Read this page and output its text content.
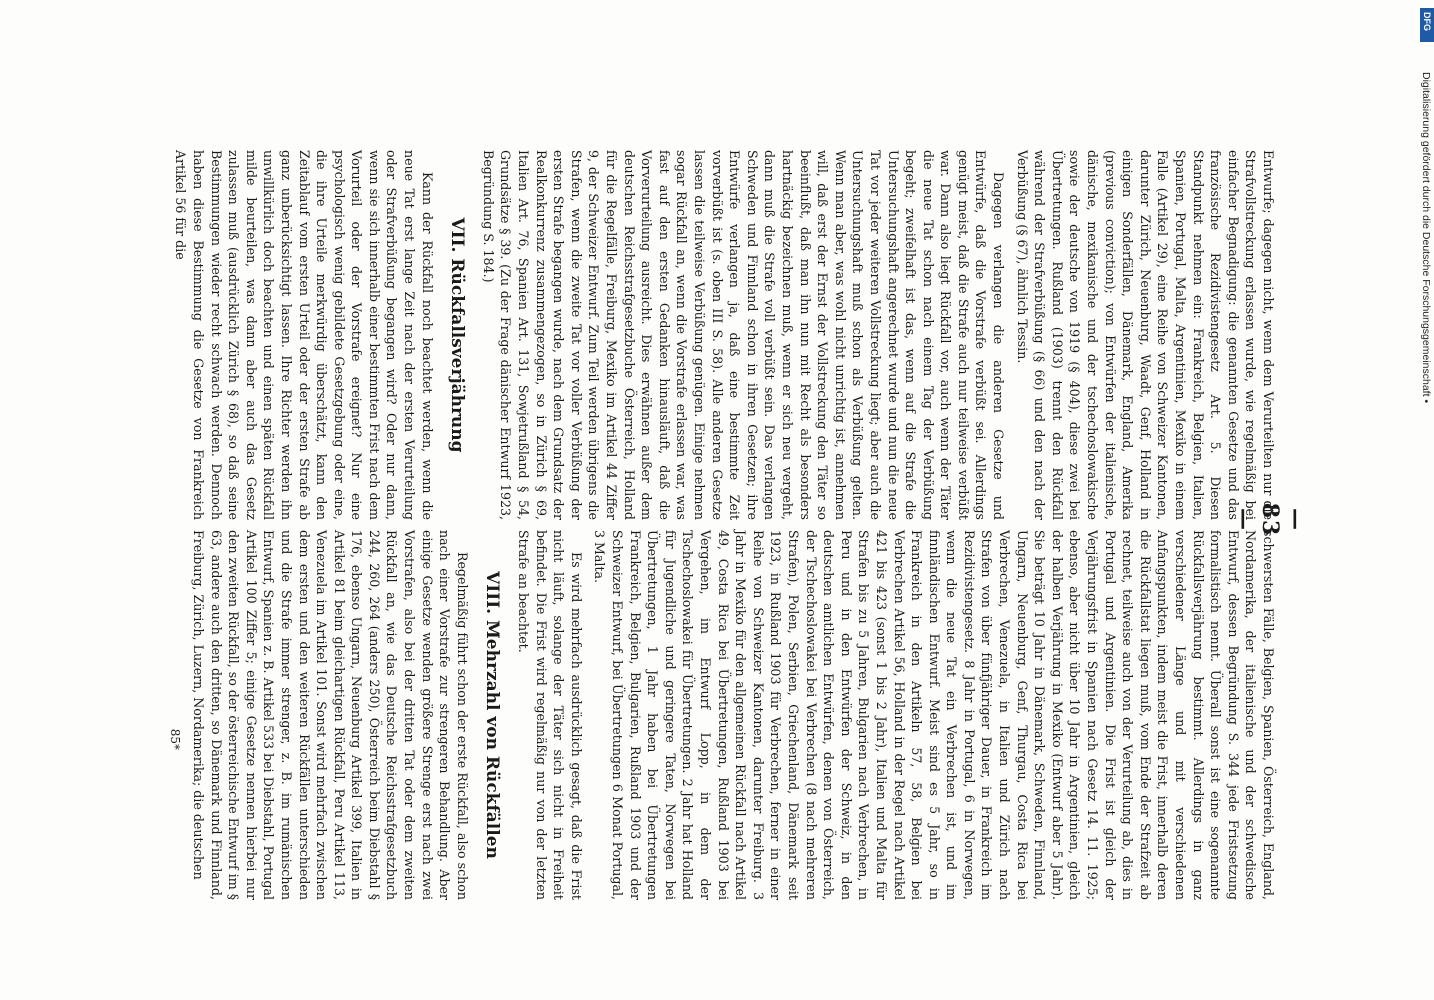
— 83 — Entwurfe; dagegen nicht, wenn dem Verurteilten nur die Strafvollstreckung erlassen wurde, wie regelmäßig bei einfacher Begnadigung: die genannten Gesetze und das französische Rezidivistengesetz Art. 5. Diesen Standpunkt nehmen ein: Frankreich, Belgien, Italien, Spanien, Portugal, Malta, Argentinien, Mexiko in einem Falle (Artikel 29), eine Reihe von Schweizer Kantonen, darunter Zürich, Neuenburg, Waadt, Genf, Holland in einigen Sonderfällen, Dänemark, England, Amerika (previous conviction); von Entwürfen der italienische, dänische, mexikanische und der tschechoslowakische sowie der deutsche von 1919 (§ 404), diese zwei bei Übertretungen. Rußland (1903) trennt den Rückfall während der Strafverbüßung (§ 66) und den nach der Verbüßung (§ 67), ähnlich Tessin.

Dagegen verlangen die anderen Gesetze und Entwürfe, daß die Vorstrafe verbüßt sei. Allerdings genügt meist, daß die Strafe auch nur teilweise verbüßt war. Dann also liegt Rückfall vor, auch wenn der Täter die neue Tat schon nach einem Tag der Verbüßung begeht; zweifelhaft ist das, wenn auf die Strafe die Untersuchungshaft angerechnet wurde und nun die neue Tat vor jeder weiteren Vollstreckung liegt; aber auch die Untersuchungshaft muß schon als Verbüßung gelten. Wenn man aber, was wohl nicht unrichtig ist, annehmen will, daß erst der Ernst der Vollstreckung den Täter so beeinflußt, daß man ihn nun mit Recht als besonders hartnäckig bezeichnen muß, wenn er sich neu vergeht, dann muß die Strafe voll verbüßt sein. Das verlangen Schweden und Finnland schon in ihren Gesetzen; ihre Entwürfe verlangen ja, daß eine bestimmte Zeit vorverbüßt ist (s. oben III S. 58). Alle anderen Gesetze lassen die teilweise Verbüßung genügen. Einige nehmen sogar Rückfall an, wenn die Vorstrafe erlassen war, was fast auf den ersten Gedanken hinausläuft, daß die Vorverurteilung ausreicht. Dies erwähnen außer dem deutschen Reichsstrafgesetzbuche Österreich, Holland für die Regelfälle, Freiburg, Mexiko im Artikel 44 Ziffer 9, der Schweizer Entwurf. Zum Teil werden übrigens die Strafen, wenn die zweite Tat vor voller Verbüßung der ersten Strafe begangen wurde, nach dem Grundsatz der Realkonkurrenz zusammengezogen, so in Zürich § 69, Italien Art. 76, Spanien Art. 131, Sowjetrußland § 54, Grundsätze § 39. (Zu der Frage dänischer Entwurf 1923, Begründung S. 184.)

VII. Rückfallsverjährung

Kann der Rückfall noch beachtet werden, wenn die neue Tat erst lange Zeit nach der ersten Verurteilung oder Strafverbüßung begangen wird? Oder nur dann, wenn sie sich innerhalb einer bestimmten Frist nach dem Vorurteil oder der Vorstrafe ereignet? Nur eine psychologisch wenig gebildete Gesetzgebung oder eine, die ihre Urteile merkwürdig überschätzt, kann den Zeitablauf vom ersten Urteil oder der ersten Strafe ab ganz unberücksichtigt lassen. Ihre Richter werden ihn unwillkürlich doch beachten und einen späten Rückfall milde beurteilen, was dann aber auch das Gesetz zulassen muß (ausdrücklich Zürich § 68), so daß seine Bestimmungen wieder recht schwach werden. Dennoch haben diese Bestimmung die Gesetze von Frankreich Artikel 56 für die

schwersten Fälle, Belgien, Spanien, Österreich, England, Nordamerika, der italienische und der schwedische Entwurf, dessen Begründung S. 344 jede Fristsetzung formalistisch nennt. Überall sonst ist eine sogenannte Rückfallsverjährung bestimmt. Allerdings in ganz verschiedener Länge und mit verschiedenen Anfangspunkten, indem meist die Frist, innerhalb deren die Rückfallstat liegen muß, vom Ende der Strafzeit ab rechnet, teilweise auch von der Verurteilung ab, dies in Portugal und Argentinien. Die Frist ist gleich der Verjährungsfrist in Spanien nach Gesetz 14. 11. 1925; ebenso, aber nicht über 10 Jahr in Argentinien, gleich der halben Verjährung in Mexiko (Entwurf aber 5 Jahr). Sie beträgt 10 Jahr in Dänemark, Schweden, Finnland, Ungarn, Neuenburg, Genf, Thurgau, Costa Rica bei Verbrechen, Venezuela, in Italien und Zürich nach Strafen von über fünfjähriger Dauer, in Frankreich im Rezidivistengesetz. 8 Jahr in Portugal, 6 in Norwegen, wenn die neue Tat ein Verbrechen ist, und im finnländischen Entwurf. Meist sind es 5 Jahr, so in Frankreich in den Artikeln 57, 58, Belgien bei Verbrechen Artikel 56, Holland in der Regel nach Artikel 421 bis 423 (sonst 1 bis 2 Jahr), Italien und Malta für Strafen bis zu 5 Jahren, Bulgarien nach Verbrechen, in Peru und in den Entwürfen der Schweiz, in den deutschen amtlichen Entwürfen, denen von Österreich, der Tschechoslowakei bei Verbrechen (8 nach mehreren Strafen), Polen, Serbien, Griechenland, Dänemark seit 1923, in Rußland 1903 für Verbrechen, ferner in einer Reihe von Schweizer Kantonen, darunter Freiburg. 3 Jahr in Mexiko für den allgemeinen Rückfall nach Artikel 49, Costa Rica bei Übertretungen, Rußland 1903 bei Vergehen, im Entwurf Lopp, in dem der Tschechoslowakei für Übertretungen. 2 Jahr hat Holland für Jugendliche und geringere Taten, Norwegen bei Übertretungen, 1 Jahr haben bei Übertretungen Frankreich, Belgien, Bulgarien, Rußland 1903 und der Schweizer Entwurf, bei Übertretungen 6 Monat Portugal, 3 Malta.

Es wird mehrfach ausdrücklich gesagt, daß die Frist nicht läuft, solange der Täter sich nicht in Freiheit befindet. Die Frist wird regelmäßig nur von der letzten Strafe an beachtet.

VIII. Mehrzahl von Rückfällen

Regelmäßig führt schon der erste Rückfall, also schon nach einer Vorstrafe zur strengeren Behandlung. Aber einige Gesetze wenden größere Strenge erst nach zwei Vorstrafen, also bei der dritten Tat oder dem zweiten Rückfall an, wie das Deutsche Reichsstrafgesetzbuch 244, 260, 264 (anders 250), Österreich beim Diebstahl § 176, ebenso Ungarn, Neuenburg Artikel 399, Italien in Artikel 81 beim gleichartigen Rückfall, Peru Artikel 113, Venezuela im Artikel 101. Sonst wird mehrfach zwischen dem ersten und den weiteren Rückfällen unterschieden und die Strafe immer strenger, z. B. im rumänischen Entwurf, Spanien z. B. Artikel 533 bei Diebstahl, Portugal Artikel 100 Ziffer 5; einige Gesetze nennen hierbei nur den zweiten Rückfall, so der österreichische Entwurf im § 63, andere auch den dritten, so Dänemark und Finnland, Freiburg, Zürich, Luzern, Nordamerika; die deutschen

85*
DFG
Digitalisierung gefördert durch die Deutsche Forschungsgemeinschaft •
